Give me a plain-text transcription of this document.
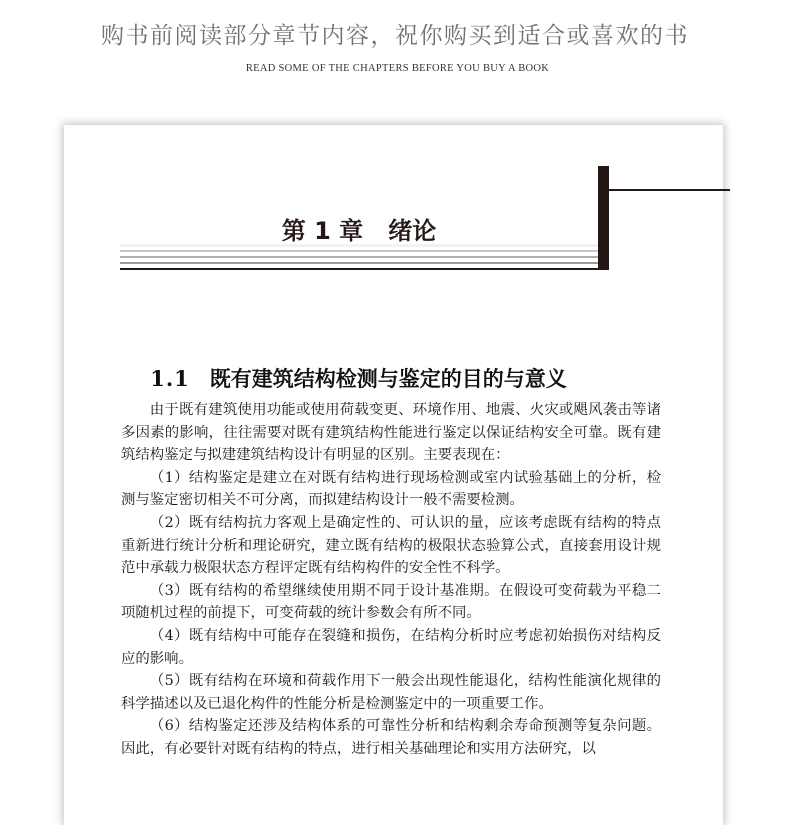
购书前阅读部分章节内容，祝你购买到适合或喜欢的书
READ SOME OF THE CHAPTERS BEFORE YOU BUY A BOOK
第 1 章   绪论

1.1 既有建筑结构检测与鉴定的目的与意义

由于既有建筑使用功能或使用荷载变更、环境作用、地震、火灾或飓风袭击等诸多因素的影响，往往需要对既有建筑结构性能进行鉴定以保证结构安全可靠。既有建筑结构鉴定与拟建建筑结构设计有明显的区别。主要表现在：

（1）结构鉴定是建立在对既有结构进行现场检测或室内试验基础上的分析，检测与鉴定密切相关不可分离，而拟建结构设计一般不需要检测。

（2）既有结构抗力客观上是确定性的、可认识的量，应该考虑既有结构的特点重新进行统计分析和理论研究，建立既有结构的极限状态验算公式，直接套用设计规范中承载力极限状态方程评定既有结构构件的安全性不科学。

（3）既有结构的希望继续使用期不同于设计基准期。在假设可变荷载为平稳二项随机过程的前提下，可变荷载的统计参数会有所不同。

（4）既有结构中可能存在裂缝和损伤，在结构分析时应考虑初始损伤对结构反应的影响。

（5）既有结构在环境和荷载作用下一般会出现性能退化，结构性能演化规律的科学描述以及已退化构件的性能分析是检测鉴定中的一项重要工作。

（6）结构鉴定还涉及结构体系的可靠性分析和结构剩余寿命预测等复杂问题。因此，有必要针对既有结构的特点，进行相关基础理论和实用方法研究，以
